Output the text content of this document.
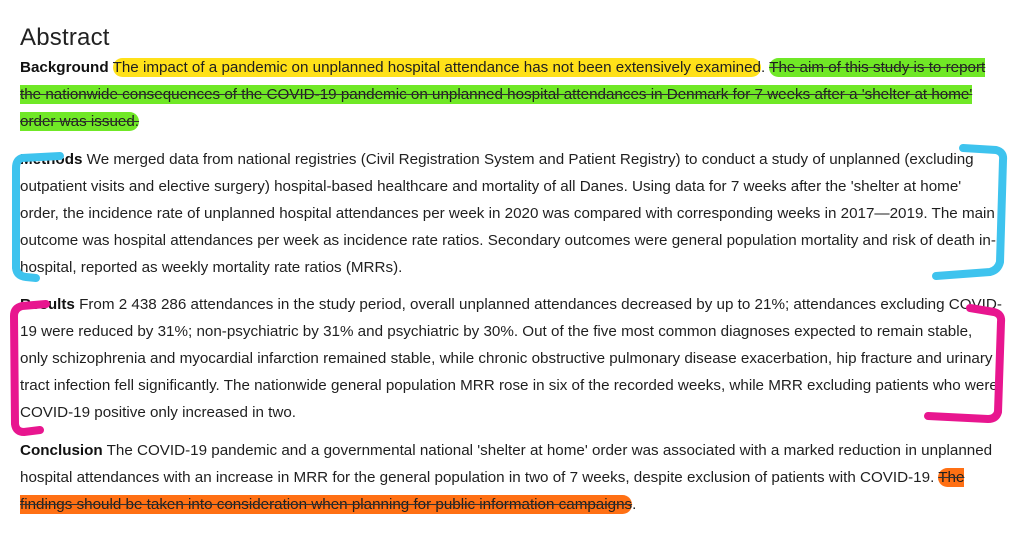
Abstract

Background The impact of a pandemic on unplanned hospital attendance has not been extensively examined. The aim of this study is to report the nationwide consequences of the COVID-19 pandemic on unplanned hospital attendances in Denmark for 7 weeks after a 'shelter at home' order was issued.

Methods We merged data from national registries (Civil Registration System and Patient Registry) to conduct a study of unplanned (excluding outpatient visits and elective surgery) hospital-based healthcare and mortality of all Danes. Using data for 7 weeks after the 'shelter at home' order, the incidence rate of unplanned hospital attendances per week in 2020 was compared with corresponding weeks in 2017—2019. The main outcome was hospital attendances per week as incidence rate ratios. Secondary outcomes were general population mortality and risk of death in-hospital, reported as weekly mortality rate ratios (MRRs).

Results From 2 438 286 attendances in the study period, overall unplanned attendances decreased by up to 21%; attendances excluding COVID-19 were reduced by 31%; non-psychiatric by 31% and psychiatric by 30%. Out of the five most common diagnoses expected to remain stable, only schizophrenia and myocardial infarction remained stable, while chronic obstructive pulmonary disease exacerbation, hip fracture and urinary tract infection fell significantly. The nationwide general population MRR rose in six of the recorded weeks, while MRR excluding patients who were COVID-19 positive only increased in two.

Conclusion The COVID-19 pandemic and a governmental national 'shelter at home' order was associated with a marked reduction in unplanned hospital attendances with an increase in MRR for the general population in two of 7 weeks, despite exclusion of patients with COVID-19. The findings should be taken into consideration when planning for public information campaigns.
